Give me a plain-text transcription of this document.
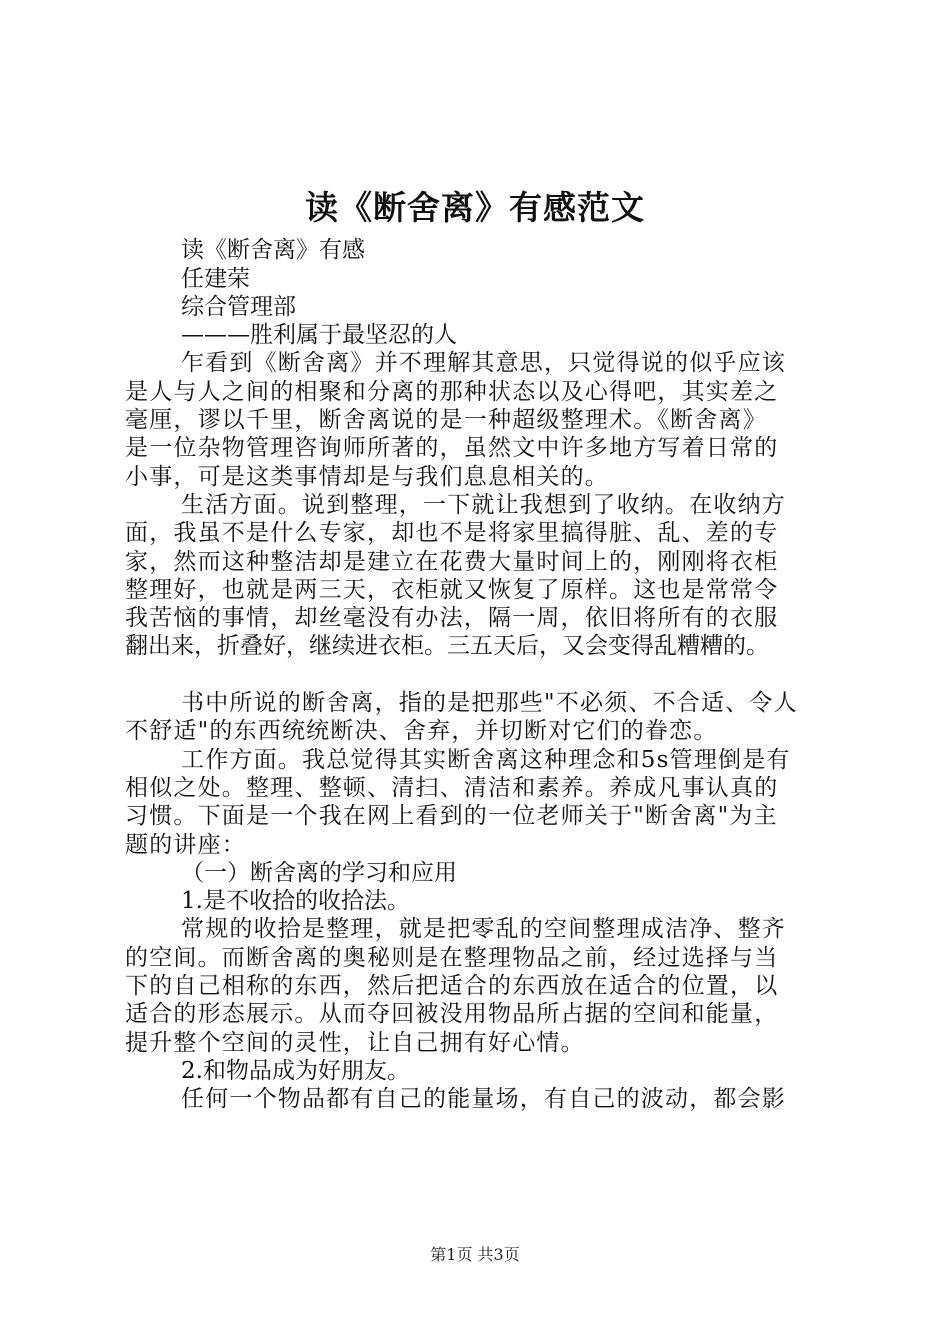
读《断舍离》有感范文
读《断舍离》有感
任建荣
综合管理部
———胜利属于最坚忍的人
乍看到《断舍离》并不理解其意思，只觉得说的似乎应该
是人与人之间的相聚和分离的那种状态以及心得吧，其实差之
毫厘，谬以千里，断舍离说的是一种超级整理术。《断舍离》
是一位杂物管理咨询师所著的，虽然文中许多地方写着日常的
小事，可是这类事情却是与我们息息相关的。
生活方面。说到整理，一下就让我想到了收纳。在收纳方
面，我虽不是什么专家，却也不是将家里搞得脏、乱、差的专
家，然而这种整洁却是建立在花费大量时间上的，刚刚将衣柜
整理好，也就是两三天，衣柜就又恢复了原样。这也是常常令
我苦恼的事情，却丝毫没有办法，隔一周，依旧将所有的衣服
翻出来，折叠好，继续进衣柜。三五天后，又会变得乱糟糟的。
书中所说的断舍离，指的是把那些"不必须、不合适、令人
不舒适"的东西统统断决、舍弃，并切断对它们的眷恋。
工作方面。我总觉得其实断舍离这种理念和5s管理倒是有
相似之处。整理、整顿、清扫、清洁和素养。养成凡事认真的
习惯。下面是一个我在网上看到的一位老师关于"断舍离"为主
题的讲座：
（一）断舍离的学习和应用
1.是不收拾的收拾法。
常规的收拾是整理，就是把零乱的空间整理成洁净、整齐
的空间。而断舍离的奥秘则是在整理物品之前，经过选择与当
下的自己相称的东西，然后把适合的东西放在适合的位置，以
适合的形态展示。从而夺回被没用物品所占据的空间和能量，
提升整个空间的灵性，让自己拥有好心情。
2.和物品成为好朋友。
任何一个物品都有自己的能量场，有自己的波动，都会影
第1页 共3页
